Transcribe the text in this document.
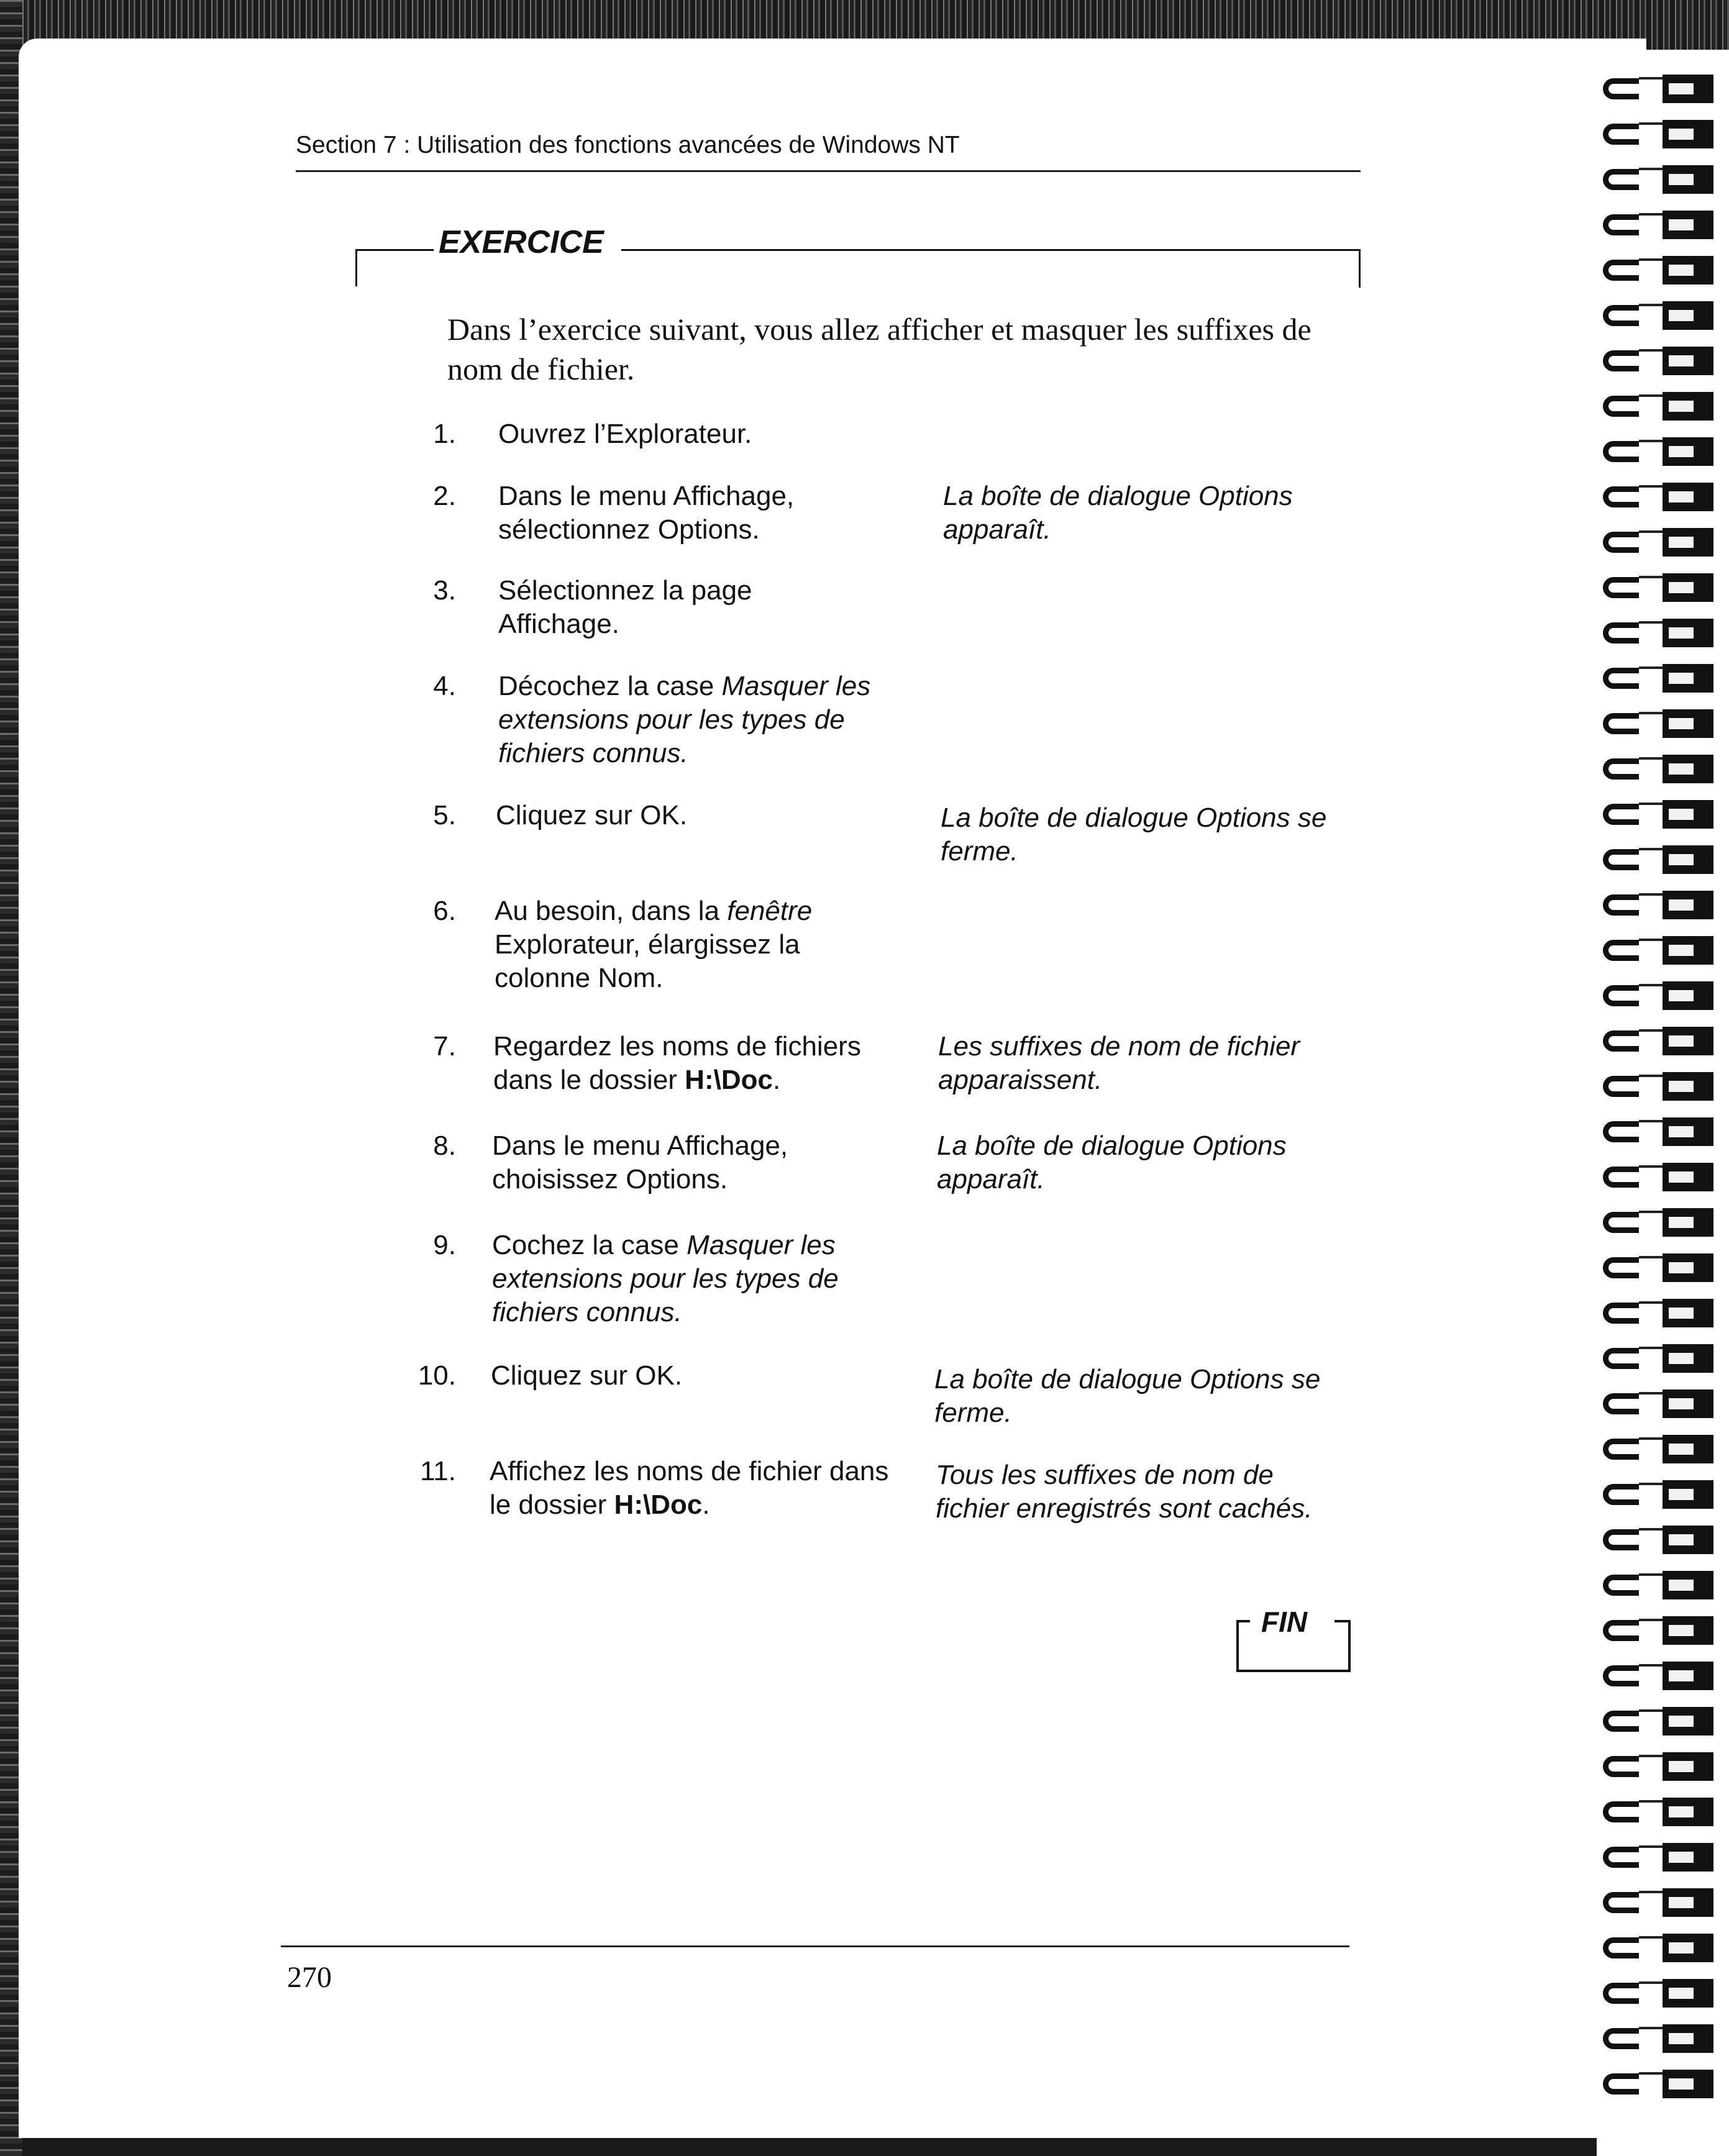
Section 7 : Utilisation des fonctions avancées de Windows NT
EXERCICE
Dans l’exercice suivant, vous allez afficher et masquer les suffixes de nom de fichier.
1. Ouvrez l’Explorateur.
2. Dans le menu Affichage, sélectionnez Options.
La boîte de dialogue Options apparaît.
3. Sélectionnez la page Affichage.
4. Décochez la case Masquer les extensions pour les types de fichiers connus.
5. Cliquez sur OK.	La boîte de dialogue Options se ferme.
6. Au besoin, dans la fenêtre Explorateur, élargissez la colonne Nom.
7. Regardez les noms de fichiers dans le dossier H:\Doc.
Les suffixes de nom de fichier apparaissent.
8. Dans le menu Affichage, choisissez Options.
La boîte de dialogue Options apparaît.
9. Cochez la case Masquer les extensions pour les types de fichiers connus.
10. Cliquez sur OK.	La boîte de dialogue Options se ferme.
11. Affichez les noms de fichier dans le dossier H:\Doc.
Tous les suffixes de nom de fichier enregistrés sont cachés.
FIN
270
